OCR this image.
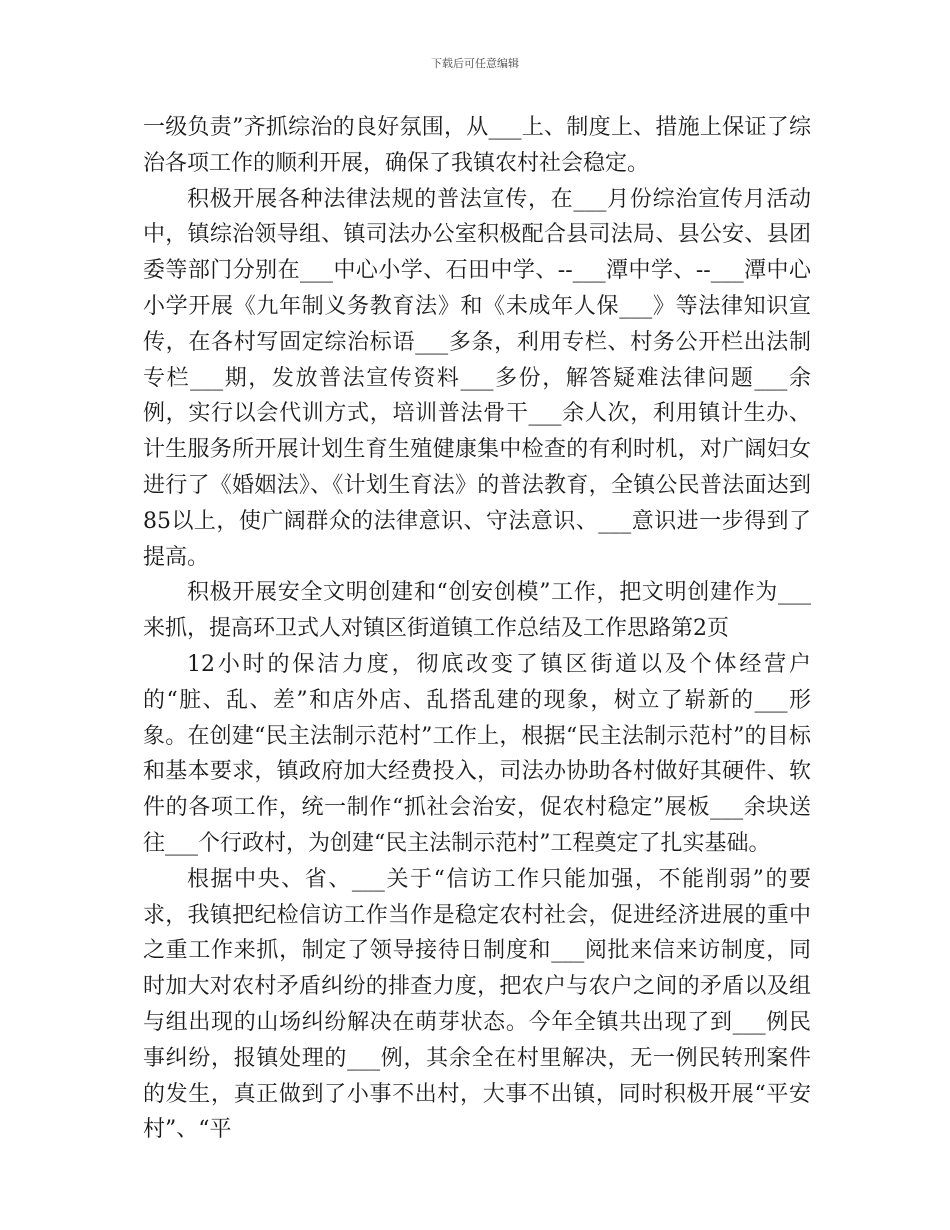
下载后可任意编辑

一级负责”齐抓综治的良好氛围，从___上、制度上、措施上保证了综治各项工作的顺利开展，确保了我镇农村社会稳定。

积极开展各种法律法规的普法宣传，在___月份综治宣传月活动中，镇综治领导组、镇司法办公室积极配合县司法局、县公安、县团委等部门分别在___中心小学、石田中学、--___潭中学、--___潭中心小学开展《九年制义务教育法》和《未成年人保___》等法律知识宣传，在各村写固定综治标语___多条，利用专栏、村务公开栏出法制专栏___期，发放普法宣传资料___多份，解答疑难法律问题___余例，实行以会代训方式，培训普法骨干___余人次，利用镇计生办、计生服务所开展计划生育生殖健康集中检查的有利时机，对广阔妇女进行了《婚姻法》、《计划生育法》的普法教育，全镇公民普法面达到85以上，使广阔群众的法律意识、守法意识、___意识进一步得到了提高。

积极开展安全文明创建和“创安创模”工作，把文明创建作为___来抓，提高环卫式人对镇区街道镇工作总结及工作思路第2页

12小时的保洁力度，彻底改变了镇区街道以及个体经营户的“脏、乱、差”和店外店、乱搭乱建的现象，树立了崭新的___形象。在创建“民主法制示范村”工作上，根据“民主法制示范村”的目标和基本要求，镇政府加大经费投入，司法办协助各村做好其硬件、软件的各项工作，统一制作“抓社会治安，促农村稳定”展板___余块送往___个行政村，为创建“民主法制示范村”工程奠定了扎实基础。

根据中央、省、___关于“信访工作只能加强，不能削弱”的要求，我镇把纪检信访工作当作是稳定农村社会，促进经济进展的重中之重工作来抓，制定了领导接待日制度和___阅批来信来访制度，同时加大对农村矛盾纠纷的排查力度，把农户与农户之间的矛盾以及组与组出现的山场纠纷解决在萌芽状态。今年全镇共出现了到___例民事纠纷，报镇处理的___例，其余全在村里解决，无一例民转刑案件的发生，真正做到了小事不出村，大事不出镇，同时积极开展“平安村”、“平
